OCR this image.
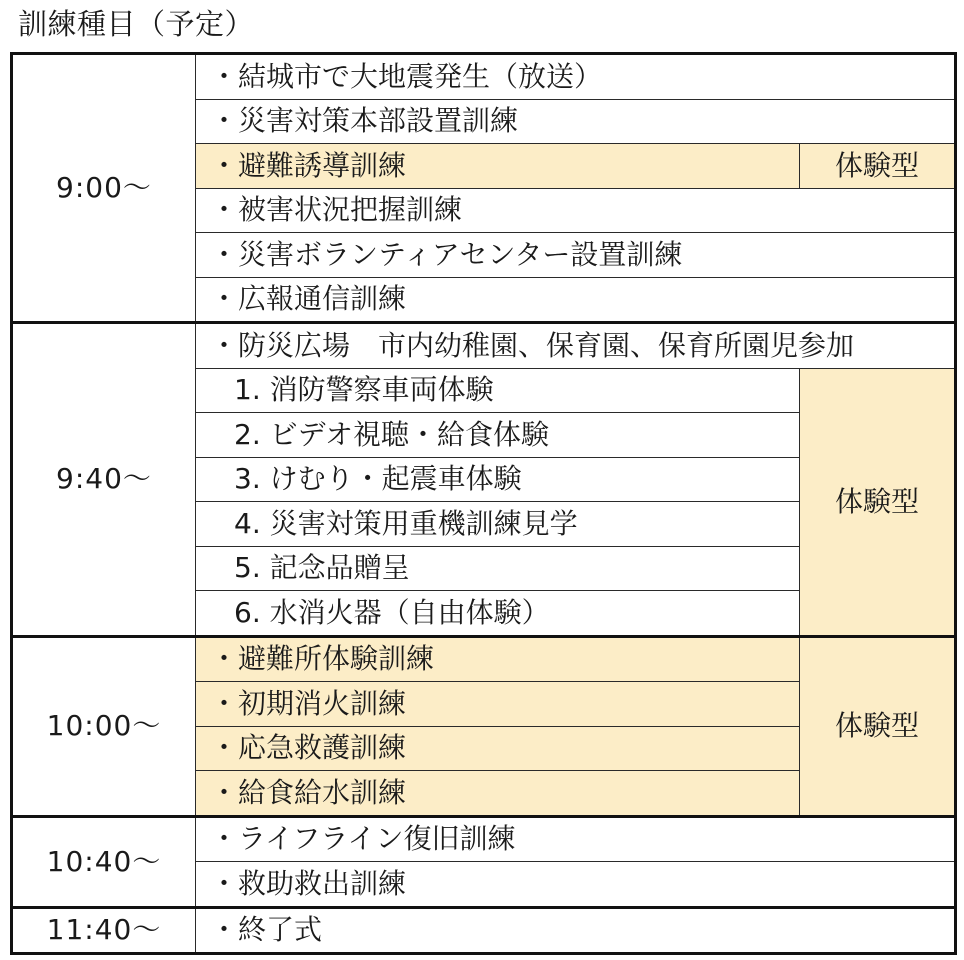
訓練種目（予定）
9:00～	・結城市で大地震発生（放送）	
	・災害対策本部設置訓練	
	・避難誘導訓練	体験型
	・被害状況把握訓練	
	・災害ボランティアセンター設置訓練	
	・広報通信訓練	
9:40～	・防災広場　市内幼稚園、保育園、保育所園児参加	
	1. 消防警察車両体験	体験型
	2. ビデオ視聴・給食体験	
	3. けむり・起震車体験	
	4. 災害対策用重機訓練見学	
	5. 記念品贈呈	
	6. 水消火器（自由体験）	
10:00～	・避難所体験訓練	体験型
	・初期消火訓練	
	・応急救護訓練	
	・給食給水訓練	
10:40～	・ライフライン復旧訓練	
	・救助救出訓練	
11:40～	・終了式	
